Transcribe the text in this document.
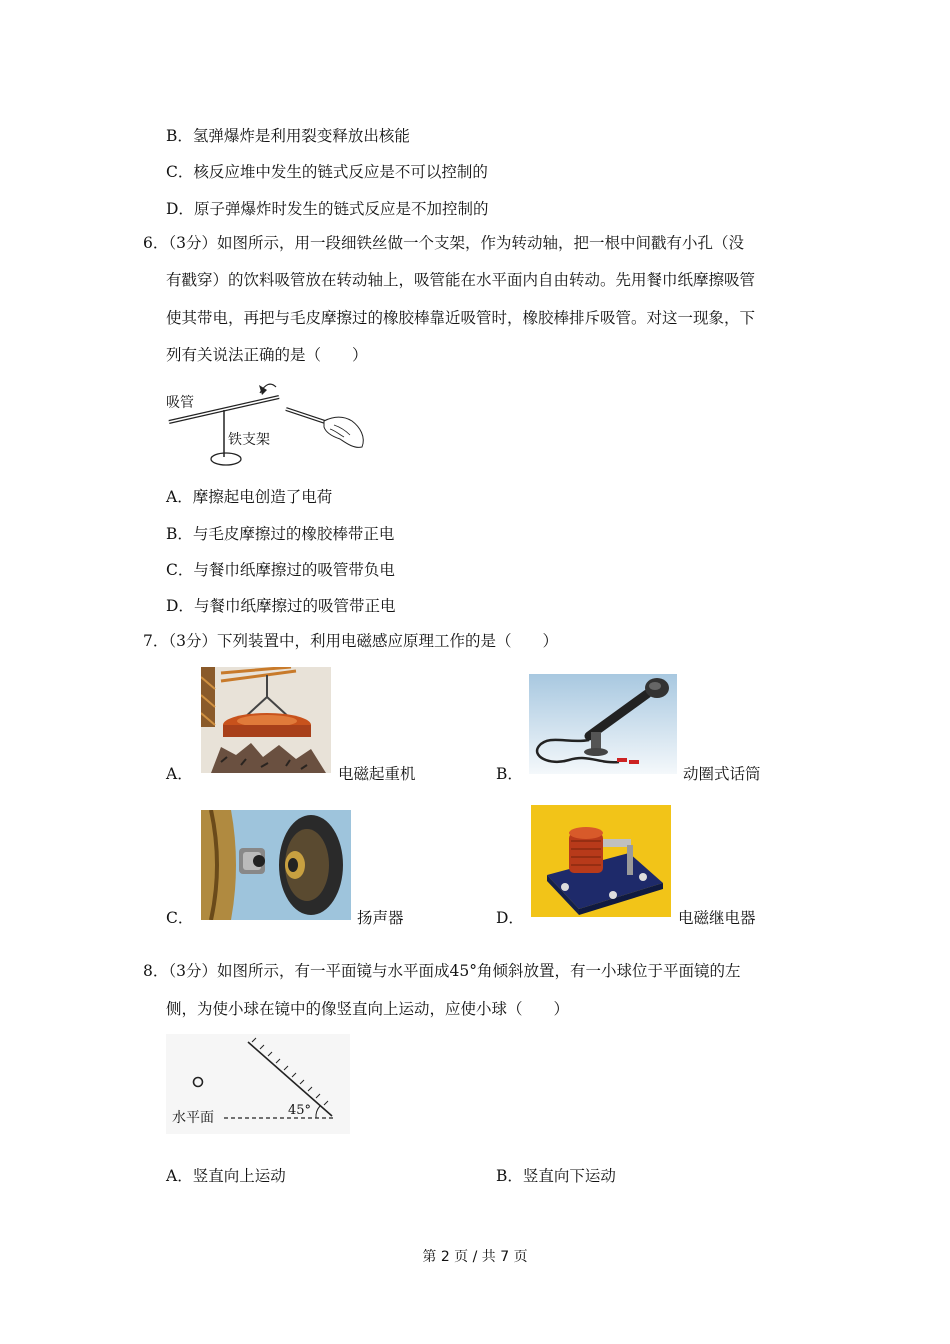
B．氢弹爆炸是利用裂变释放出核能
C．核反应堆中发生的链式反应是不可以控制的
D．原子弹爆炸时发生的链式反应是不加控制的
6．（3分）如图所示，用一段细铁丝做一个支架，作为转动轴，把一根中间戳有小孔（没
有戳穿）的饮料吸管放在转动轴上，吸管能在水平面内自由转动。先用餐巾纸摩擦吸管
使其带电，再把与毛皮摩擦过的橡胶棒靠近吸管时，橡胶棒排斥吸管。对这一现象，下
列有关说法正确的是（　　）
吸管
铁支架
A．摩擦起电创造了电荷
B．与毛皮摩擦过的橡胶棒带正电
C．与餐巾纸摩擦过的吸管带负电
D．与餐巾纸摩擦过的吸管带正电
7．（3分）下列装置中，利用电磁感应原理工作的是（　　）
A．	电磁起重机	B．	动圈式话筒
C．	扬声器	D．	电磁继电器
8．（3分）如图所示，有一平面镜与水平面成45°角倾斜放置，有一小球位于平面镜的左
侧，为使小球在镜中的像竖直向上运动，应使小球（　　）
水平面	45°
A．竖直向上运动	B．竖直向下运动
第 2 页 / 共 7 页
